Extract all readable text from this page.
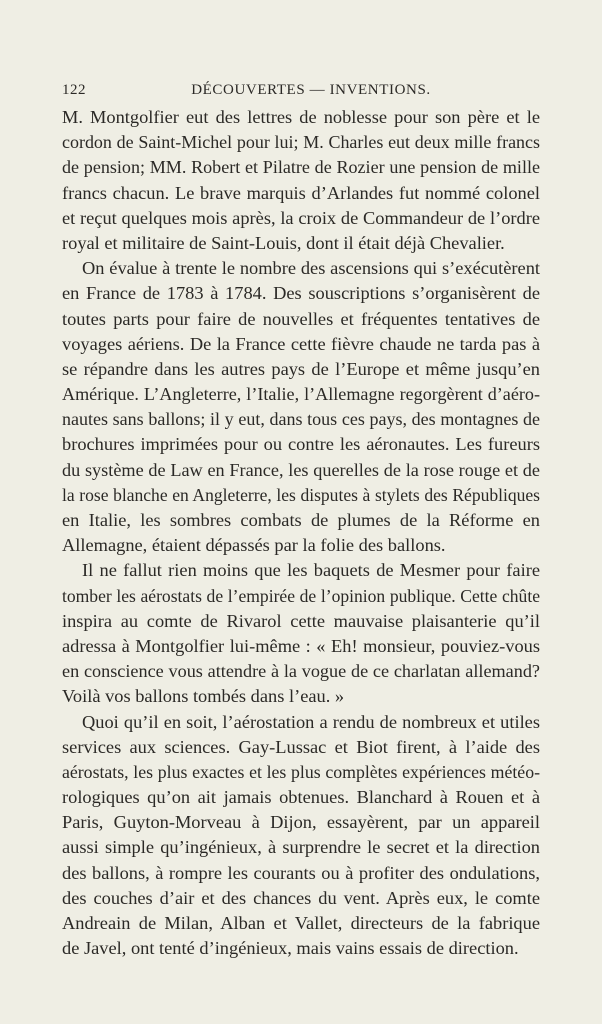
122	DÉCOUVERTES — INVENTIONS.
M. Montgolfier eut des lettres de noblesse pour son père et le
cordon de Saint-Michel pour lui; M. Charles eut deux mille francs
de pension; MM. Robert et Pilatre de Rozier une pension de mille
francs chacun. Le brave marquis d’Arlandes fut nommé colonel
et reçut quelques mois après, la croix de Commandeur de l’ordre
royal et militaire de Saint-Louis, dont il était déjà Chevalier.
On évalue à trente le nombre des ascensions qui s’exécutèrent
en France de 1783 à 1784. Des souscriptions s’organisèrent de
toutes parts pour faire de nouvelles et fréquentes tentatives de
voyages aériens. De la France cette fièvre chaude ne tarda pas à
se répandre dans les autres pays de l’Europe et même jusqu’en
Amérique. L’Angleterre, l’Italie, l’Allemagne regorgèrent d’aéro-
nautes sans ballons; il y eut, dans tous ces pays, des montagnes de
brochures imprimées pour ou contre les aéronautes. Les fureurs
du système de Law en France, les querelles de la rose rouge et de
la rose blanche en Angleterre, les disputes à stylets des Républiques
en Italie, les sombres combats de plumes de la Réforme en
Allemagne, étaient dépassés par la folie des ballons.
Il ne fallut rien moins que les baquets de Mesmer pour faire
tomber les aérostats de l’empirée de l’opinion publique. Cette chûte
inspira au comte de Rivarol cette mauvaise plaisanterie qu’il
adressa à Montgolfier lui-même : « Eh! monsieur, pouviez-vous
en conscience vous attendre à la vogue de ce charlatan allemand?
Voilà vos ballons tombés dans l’eau. »
Quoi qu’il en soit, l’aérostation a rendu de nombreux et utiles
services aux sciences. Gay-Lussac et Biot firent, à l’aide des
aérostats, les plus exactes et les plus complètes expériences météo-
rologiques qu’on ait jamais obtenues. Blanchard à Rouen et à
Paris, Guyton-Morveau à Dijon, essayèrent, par un appareil
aussi simple qu’ingénieux, à surprendre le secret et la direction
des ballons, à rompre les courants ou à profiter des ondulations,
des couches d’air et des chances du vent. Après eux, le comte
Andreain de Milan, Alban et Vallet, directeurs de la fabrique
de Javel, ont tenté d’ingénieux, mais vains essais de direction.
